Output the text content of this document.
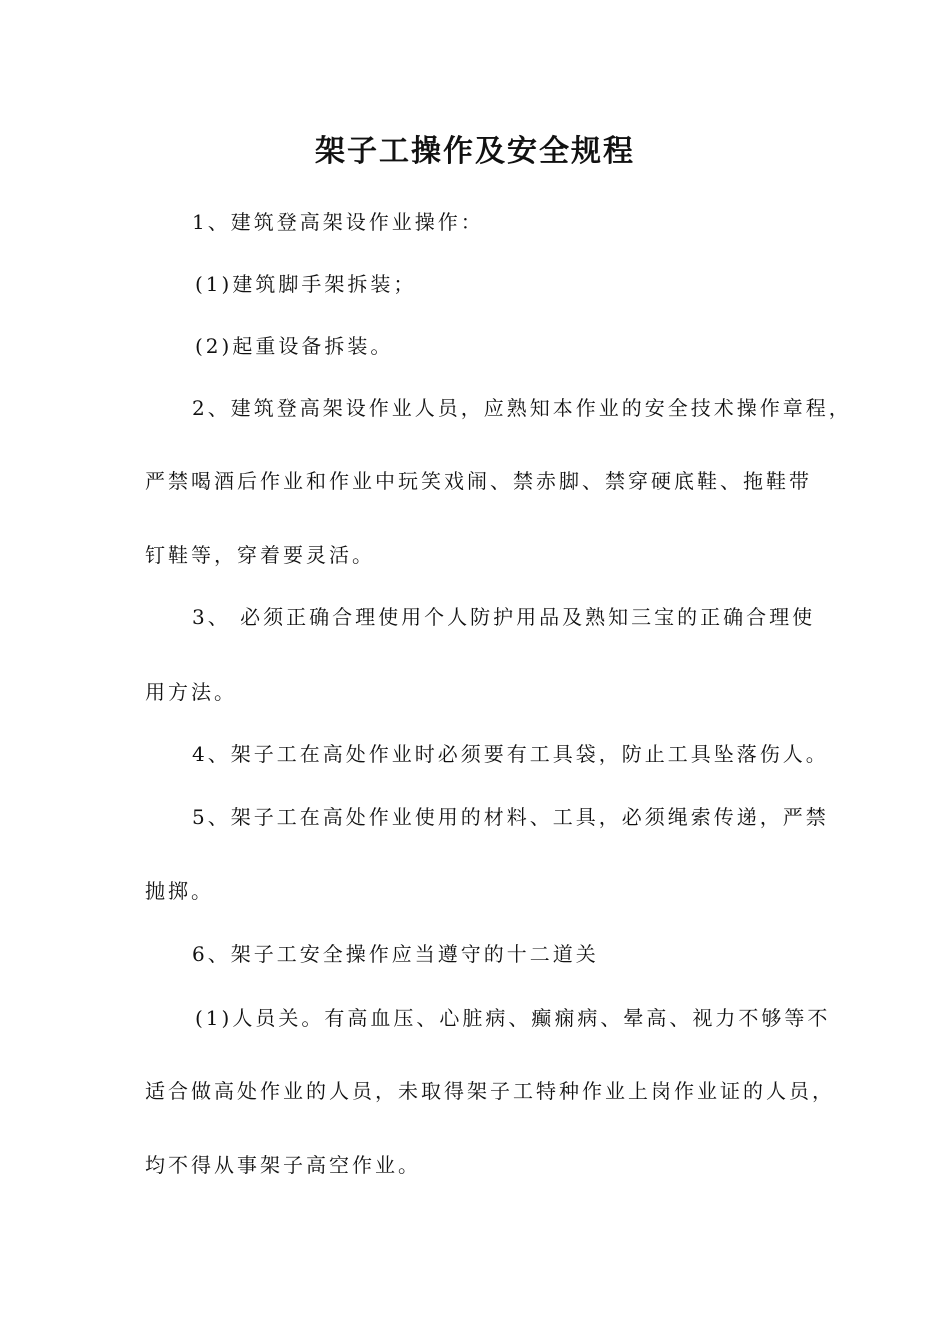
架子工操作及安全规程

1、建筑登高架设作业操作：

(1)建筑脚手架拆装；

(2)起重设备拆装。

2、建筑登高架设作业人员，应熟知本作业的安全技术操作章程，

严禁喝酒后作业和作业中玩笑戏闹、禁赤脚、禁穿硬底鞋、拖鞋带

钉鞋等，穿着要灵活。

3、 必须正确合理使用个人防护用品及熟知三宝的正确合理使

用方法。

4、架子工在高处作业时必须要有工具袋，防止工具坠落伤人。

5、架子工在高处作业使用的材料、工具，必须绳索传递，严禁

抛掷。

6、架子工安全操作应当遵守的十二道关

(1)人员关。有高血压、心脏病、癫痫病、晕高、视力不够等不

适合做高处作业的人员，未取得架子工特种作业上岗作业证的人员，

均不得从事架子高空作业。
